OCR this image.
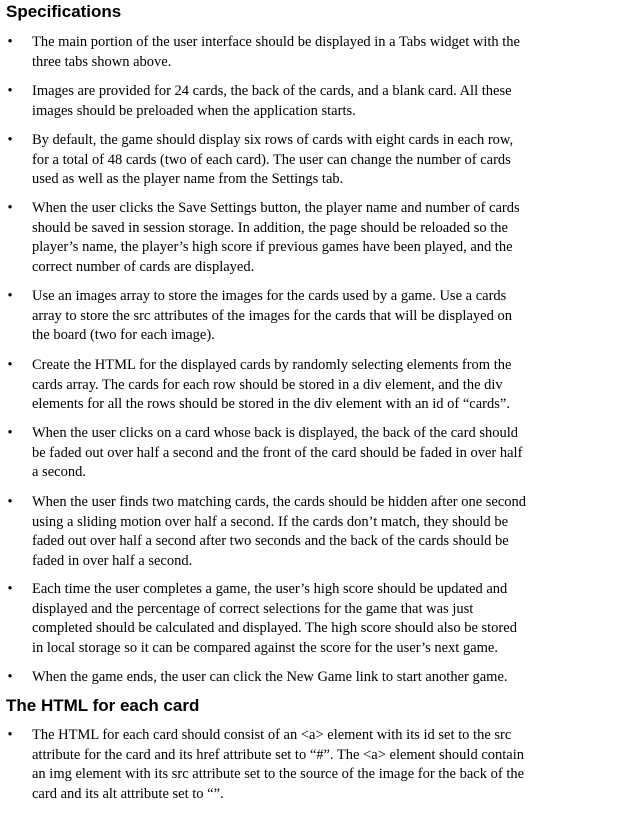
Specifications
•	The main portion of the user interface should be displayed in a Tabs widget with the
three tabs shown above.
•	Images are provided for 24 cards, the back of the cards, and a blank card. All these
images should be preloaded when the application starts.
•	By default, the game should display six rows of cards with eight cards in each row,
for a total of 48 cards (two of each card). The user can change the number of cards
used as well as the player name from the Settings tab.
•	When the user clicks the Save Settings button, the player name and number of cards
should be saved in session storage. In addition, the page should be reloaded so the
player’s name, the player’s high score if previous games have been played, and the
correct number of cards are displayed.
•	Use an images array to store the images for the cards used by a game. Use a cards
array to store the src attributes of the images for the cards that will be displayed on
the board (two for each image).
•	Create the HTML for the displayed cards by randomly selecting elements from the
cards array. The cards for each row should be stored in a div element, and the div
elements for all the rows should be stored in the div element with an id of “cards”.
•	When the user clicks on a card whose back is displayed, the back of the card should
be faded out over half a second and the front of the card should be faded in over half
a second.
•	When the user finds two matching cards, the cards should be hidden after one second
using a sliding motion over half a second. If the cards don’t match, they should be
faded out over half a second after two seconds and the back of the cards should be
faded in over half a second.
•	Each time the user completes a game, the user’s high score should be updated and
displayed and the percentage of correct selections for the game that was just
completed should be calculated and displayed. The high score should also be stored
in local storage so it can be compared against the score for the user’s next game.
•	When the game ends, the user can click the New Game link to start another game.
The HTML for each card
•	The HTML for each card should consist of an <a> element with its id set to the src
attribute for the card and its href attribute set to “#”. The <a> element should contain
an img element with its src attribute set to the source of the image for the back of the
card and its alt attribute set to “”.
